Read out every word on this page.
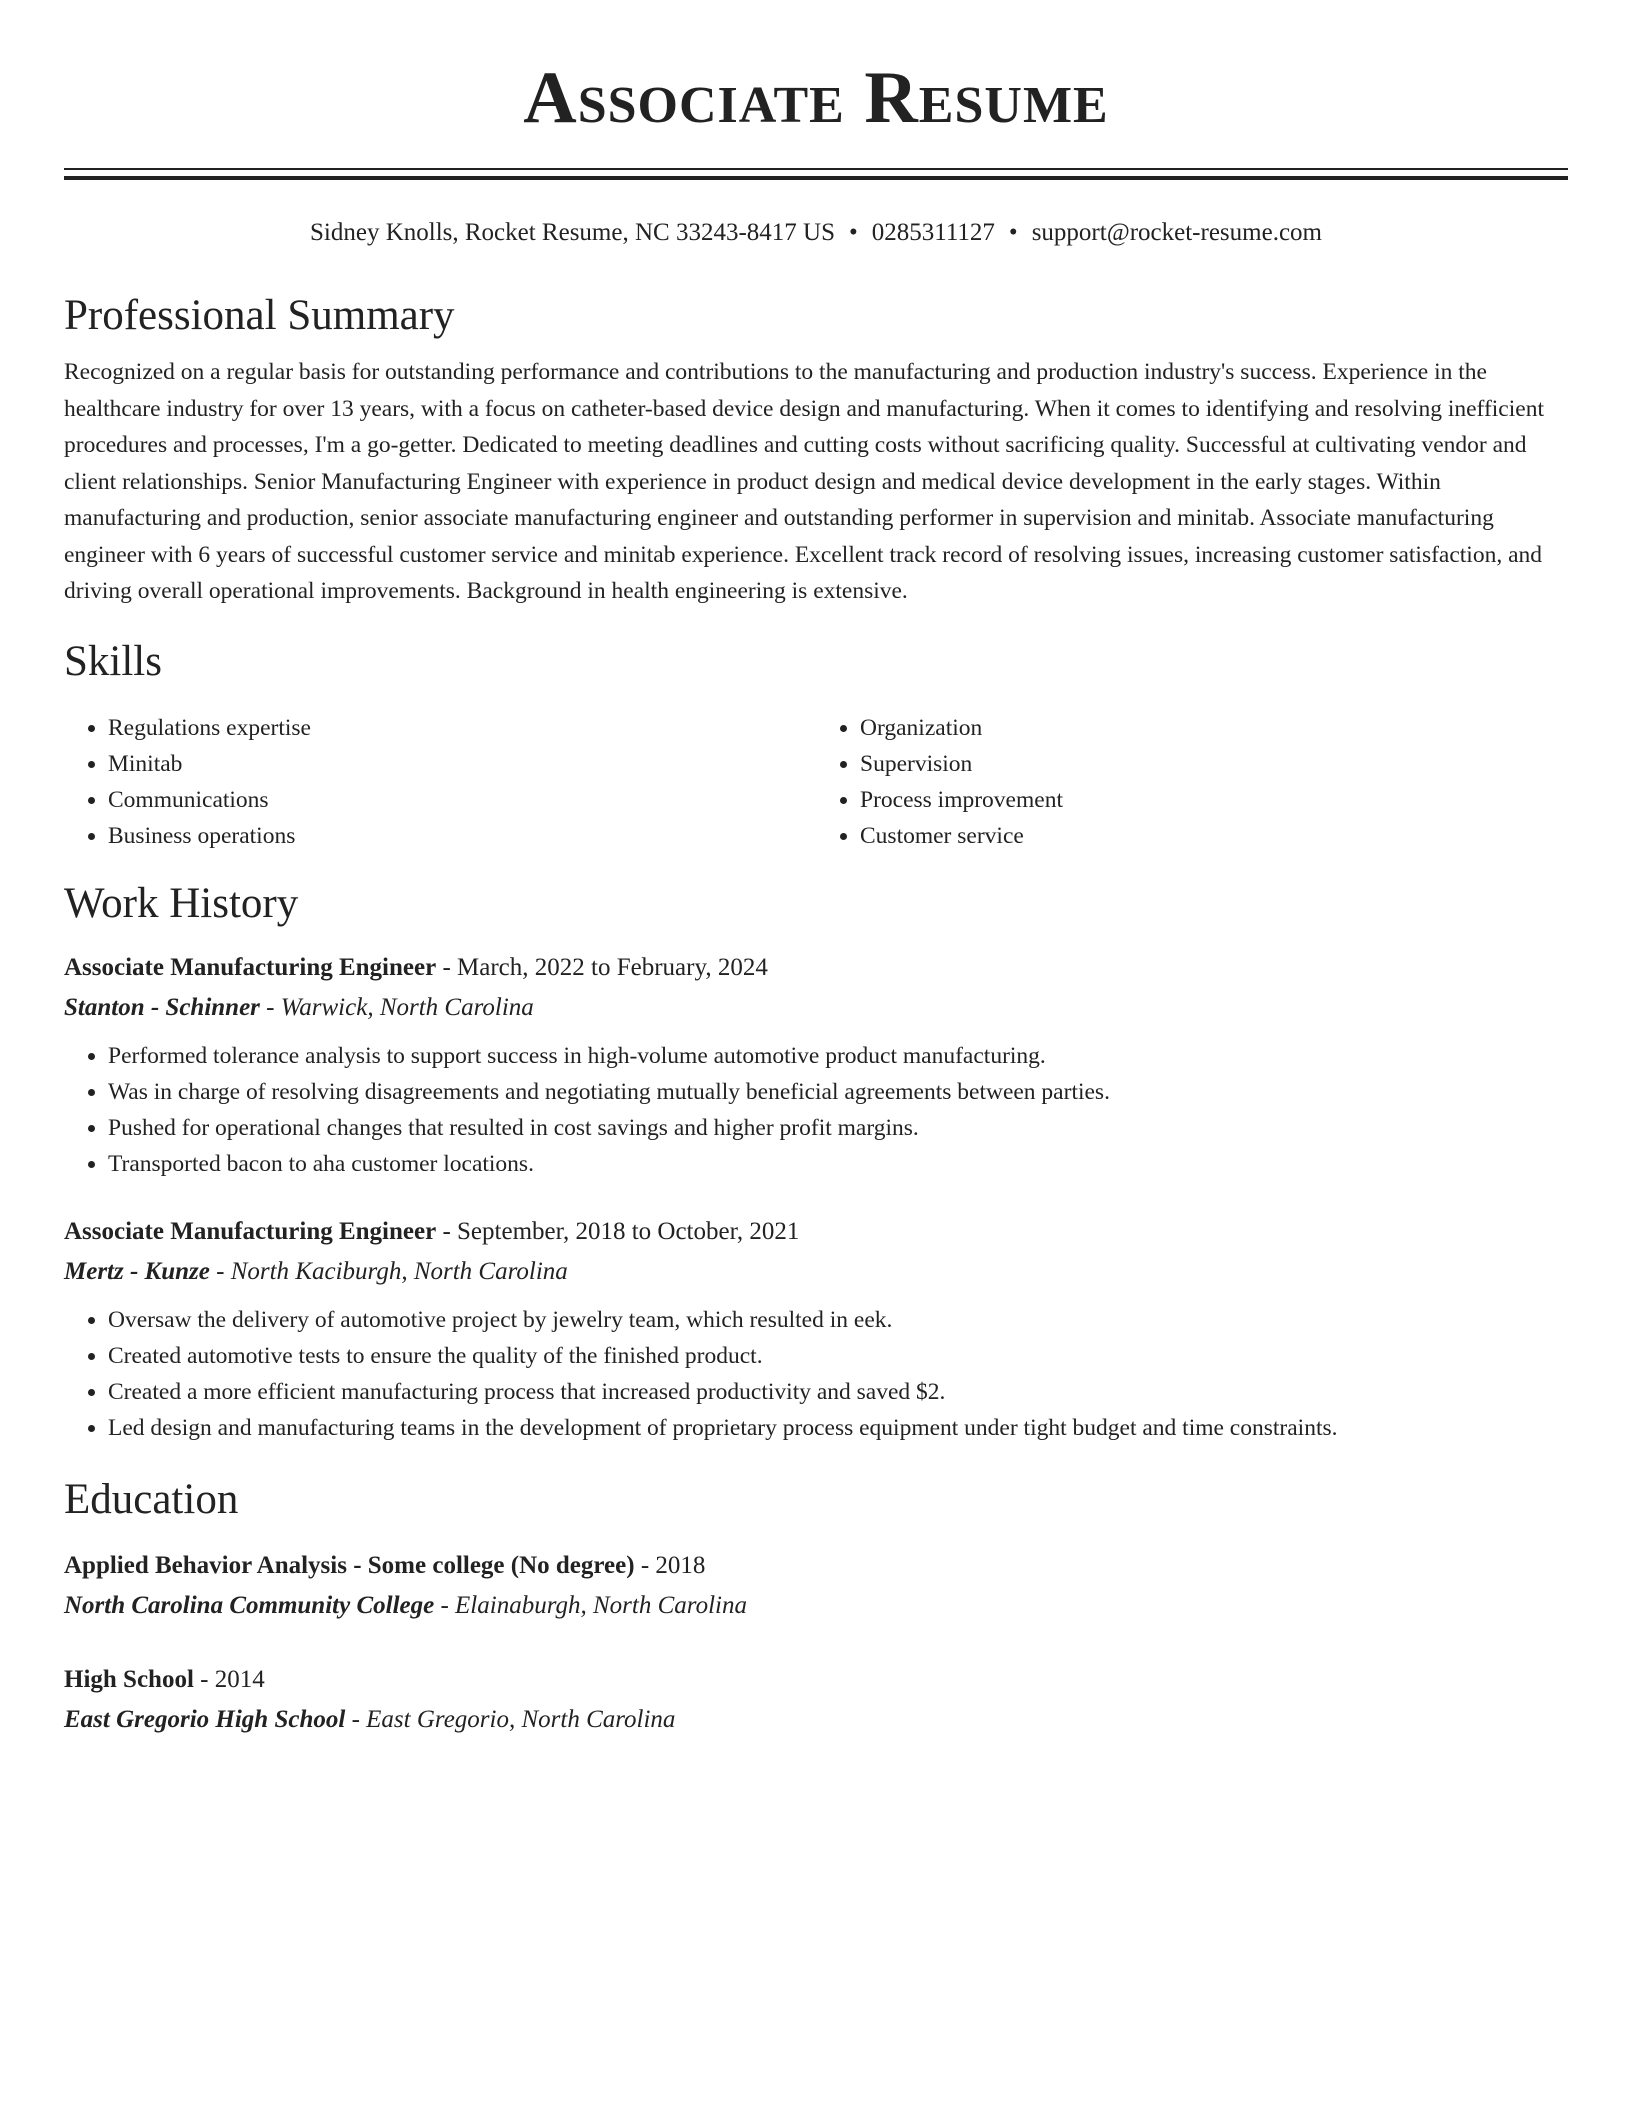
Associate Resume
Sidney Knolls, Rocket Resume, NC 33243-8417 US • 0285311127 • support@rocket-resume.com
Professional Summary

Recognized on a regular basis for outstanding performance and contributions to the manufacturing and production industry's success. Experience in the healthcare industry for over 13 years, with a focus on catheter-based device design and manufacturing. When it comes to identifying and resolving inefficient procedures and processes, I'm a go-getter. Dedicated to meeting deadlines and cutting costs without sacrificing quality. Successful at cultivating vendor and client relationships. Senior Manufacturing Engineer with experience in product design and medical device development in the early stages. Within manufacturing and production, senior associate manufacturing engineer and outstanding performer in supervision and minitab. Associate manufacturing engineer with 6 years of successful customer service and minitab experience. Excellent track record of resolving issues, increasing customer satisfaction, and driving overall operational improvements. Background in health engineering is extensive.

Skills
• Regulations expertise
• Minitab
• Communications
• Business operations
• Organization
• Supervision
• Process improvement
• Customer service
Work History
Associate Manufacturing Engineer - March, 2022 to February, 2024
Stanton - Schinner - Warwick, North Carolina
• Performed tolerance analysis to support success in high-volume automotive product manufacturing.
• Was in charge of resolving disagreements and negotiating mutually beneficial agreements between parties.
• Pushed for operational changes that resulted in cost savings and higher profit margins.
• Transported bacon to aha customer locations.
Associate Manufacturing Engineer - September, 2018 to October, 2021
Mertz - Kunze - North Kaciburgh, North Carolina
• Oversaw the delivery of automotive project by jewelry team, which resulted in eek.
• Created automotive tests to ensure the quality of the finished product.
• Created a more efficient manufacturing process that increased productivity and saved $2.
• Led design and manufacturing teams in the development of proprietary process equipment under tight budget and time constraints.
Education
Applied Behavior Analysis - Some college (No degree) - 2018
North Carolina Community College - Elainaburgh, North Carolina
High School - 2014
East Gregorio High School - East Gregorio, North Carolina
